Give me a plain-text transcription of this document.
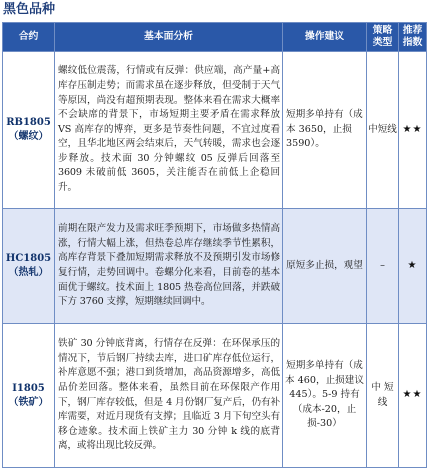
黑色品种
合约	基本面分析	操作建议	策略类型	推荐指数

RB1805
（螺纹）	螺纹低位震荡，行情或有反弹：供应端，高产量+高库存压制走势；而需求虽在逐步释放，但受制于天气等原因，尚没有超预期表现。整体来看在需求大概率不会缺席的背景下，市场短期主要矛盾在需求释放 VS 高库存的博弈，更多是节奏性问题，不宜过度看空，且华北地区两会结束后，天气转暖，需求也会逐步释放。技术面 30 分钟螺纹 05 反弹后回落至 3609 未破前低 3605，关注能否在前低上企稳回升。	短期多单持有（成本 3650，止损 3590）。	中短线	★★

HC1805
（热轧）	前期在限产发力及需求旺季预期下，市场做多热情高涨，行情大幅上涨，但热卷总库存继续季节性累积，高库存背景下叠加短期需求释放不及预期引发市场修复行情，走势回调中。卷螺分化来看，目前卷的基本面优于螺纹。技术面上 1805 热卷高位回落，并跌破下方 3760 支撑，短期继续回调中。	原短多止损，观望	–	★

I1805
（铁矿）	铁矿 30 分钟底背离，行情存在反弹：在环保承压的情况下，节后钢厂持续去库，进口矿库存低位运行，补库意愿不强；港口到货增加，高品资源增多，高低品价差回落。整体来看，虽然目前在环保限产作用下，钢厂库存较低，但是 4 月份钢厂复产后，仍有补库需要，对近月现货有支撑；且临近 3 月下旬空头有移仓迹象。技术面上铁矿主力 30 分钟 k 线的底背离，或将出现比较反弹。	短期多单持有（成本 460，止损建议 445）。5-9 持有（成本-20，止损-30）	中 短线	★★
